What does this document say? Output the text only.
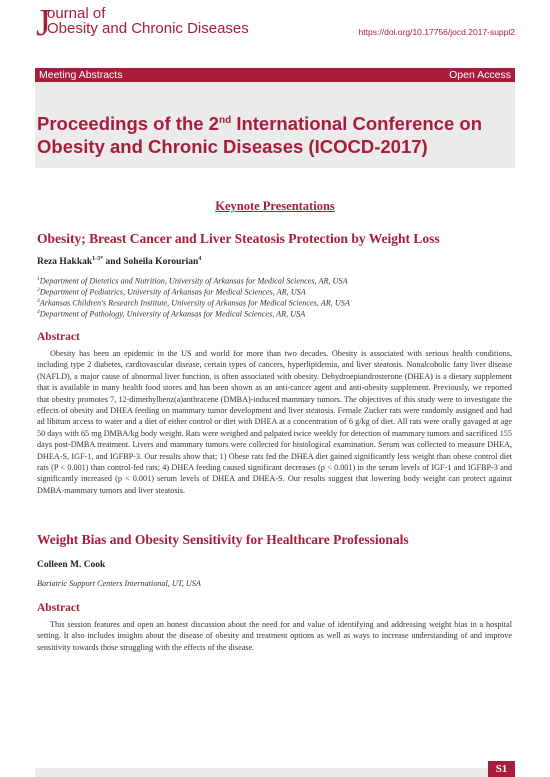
J
ournal of
Obesity and Chronic Diseases	https://doi.org/10.17756/jocd.2017-suppl2
Meeting Abstracts	Open Access
Proceedings of the 2nd International Conference on Obesity and Chronic Diseases (ICOCD-2017)
Keynote Presentations
Obesity; Breast Cancer and Liver Steatosis Protection by Weight Loss
Reza Hakkak$^{1-3*}$ and Soheila Korourian$^4$
$^1$Department of Dietetics and Nutrition, University of Arkansas for Medical Sciences, AR, USA
$^2$Department of Pediatrics, University of Arkansas for Medical Sciences, AR, USA
$^3$Arkansas Children's Research Institute, University of Arkansas for Medical Sciences, AR, USA
$^4$Department of Pathology, University of Arkansas for Medical Sciences, AR, USA
Abstract
Obesity has been an epidemic in the US and world for more than two decades. Obesity is associated with serious health conditions, including type 2 diabetes, cardiovascular disease, certain types of cancers, hyperlipidemia, and liver steatosis. Nonalcoholic fatty liver disease (NAFLD), a major cause of abnormal liver function, is often associated with obesity. Dehydroepiandrosterone (DHEA) is a dietary supplement that is available in many health food stores and has been shown as an anti-cancer agent and anti-obesity supplement. Previously, we reported that obesity promotes 7, 12-dimethylbenz(a)anthracene (DMBA)-induced mammary tumors. The objectives of this study were to investigate the effects of obesity and DHEA feeding on mammary tumor development and liver steatosis. Female Zucker rats were randomly assigned and had ad libitum access to water and a diet of either control or diet with DHEA at a concentration of 6 g/kg of diet. All rats were orally gavaged at age 50 days with 65 mg DMBA/kg body weight. Rats were weighed and palpated twice weekly for detection of mammary tumors and sacrificed 155 days post-DMBA treatment. Livers and mammary tumors were collected for histological examination. Serum was collected to measure DHEA, DHEA-S, IGF-1, and IGFBP-3. Our results show that; 1) Obese rats fed the DHEA diet gained significantly less weight than obese control diet rats (P < 0.001) than control-fed rats; 4) DHEA feeding caused significant decreases (p < 0.001) in the serum levels of IGF-1 and IGFBP-3 and significantly increased (p < 0.001) serum levels of DHEA and DHEA-S. Our results suggest that lowering body weight can protect against DMBA-mammary tumors and liver steatosis.
Weight Bias and Obesity Sensitivity for Healthcare Professionals
Colleen M. Cook
Bariatric Support Centers International, UT, USA
Abstract
This session features and open an honest discussion about the need for and value of identifying and addressing weight bias in a hospital setting. It also includes insights about the disease of obesity and treatment options as well as ways to increase understanding of and improve sensitivity towards those struggling with the effects of the disease.
S1
